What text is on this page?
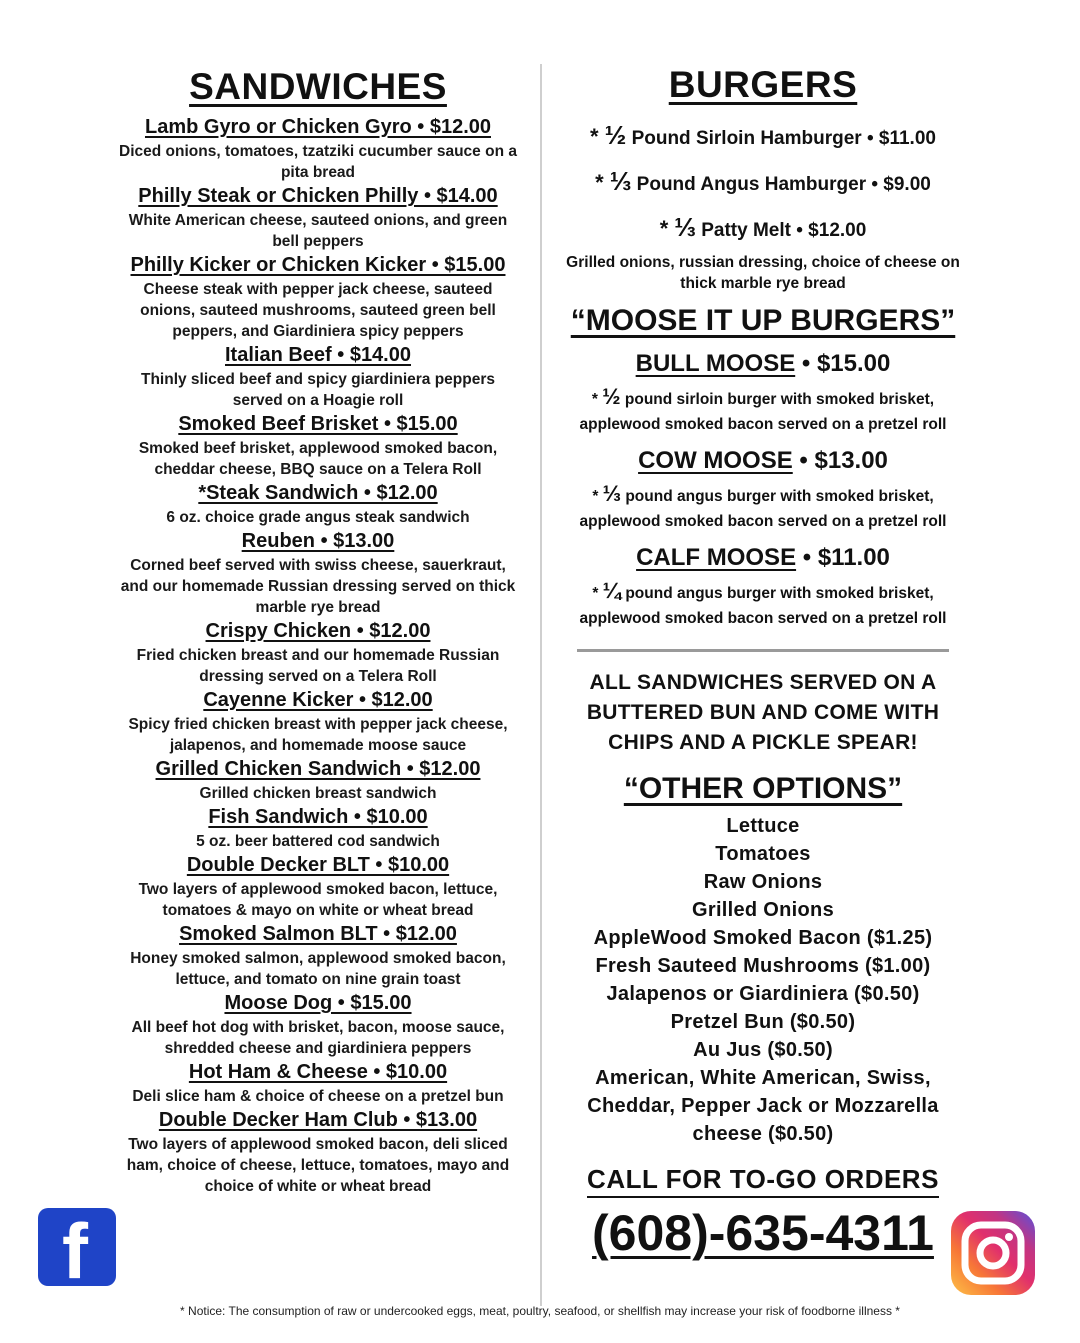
SANDWICHES
Lamb Gyro or Chicken Gyro • $12.00
Diced onions, tomatoes, tzatziki cucumber sauce on a pita bread
Philly Steak or Chicken Philly • $14.00
White American cheese, sauteed onions, and green bell peppers
Philly Kicker or Chicken Kicker • $15.00
Cheese steak with pepper jack cheese, sauteed onions, sauteed mushrooms, sauteed green bell peppers, and Giardiniera spicy peppers
Italian Beef • $14.00
Thinly sliced beef and spicy giardiniera peppers served on a Hoagie roll
Smoked Beef Brisket • $15.00
Smoked beef brisket, applewood smoked bacon, cheddar cheese, BBQ sauce on a Telera Roll
*Steak Sandwich • $12.00
6 oz. choice grade angus steak sandwich
Reuben • $13.00
Corned beef served with swiss cheese, sauerkraut, and our homemade Russian dressing served on thick marble rye bread
Crispy Chicken • $12.00
Fried chicken breast and our homemade Russian dressing served on a Telera Roll
Cayenne Kicker • $12.00
Spicy fried chicken breast with pepper jack cheese, jalapenos, and homemade moose sauce
Grilled Chicken Sandwich • $12.00
Grilled chicken breast sandwich
Fish Sandwich • $10.00
5 oz. beer battered cod sandwich
Double Decker BLT • $10.00
Two layers of applewood smoked bacon, lettuce, tomatoes & mayo on white or wheat bread
Smoked Salmon BLT • $12.00
Honey smoked salmon, applewood smoked bacon, lettuce, and tomato on nine grain toast
Moose Dog • $15.00
All beef hot dog with brisket, bacon, moose sauce, shredded cheese and giardiniera peppers
Hot Ham & Cheese • $10.00
Deli slice ham & choice of cheese on a pretzel bun
Double Decker Ham Club • $13.00
Two layers of applewood smoked bacon, deli sliced ham, choice of cheese, lettuce, tomatoes, mayo and choice of white or wheat bread
BURGERS
* ½ Pound Sirloin Hamburger • $11.00
* ⅓ Pound Angus Hamburger • $9.00
* ⅓ Patty Melt • $12.00
Grilled onions, russian dressing, choice of cheese on thick marble rye bread
“MOOSE IT UP BURGERS”
BULL MOOSE • $15.00
* ½ pound sirloin burger with smoked brisket,
applewood smoked bacon served on a pretzel roll
COW MOOSE • $13.00
* ⅓ pound angus burger with smoked brisket,
applewood smoked bacon served on a pretzel roll
CALF MOOSE • $11.00
* ¼ pound angus burger with smoked brisket,
applewood smoked bacon served on a pretzel roll
ALL SANDWICHES SERVED ON A BUTTERED BUN AND COME WITH CHIPS AND A PICKLE SPEAR!
“OTHER OPTIONS”
Lettuce
Tomatoes
Raw Onions
Grilled Onions
AppleWood Smoked Bacon ($1.25)
Fresh Sauteed Mushrooms ($1.00)
Jalapenos or Giardiniera ($0.50)
Pretzel Bun ($0.50)
Au Jus ($0.50)
American, White American, Swiss, Cheddar, Pepper Jack or Mozzarella cheese ($0.50)
CALL FOR TO-GO ORDERS
(608)-635-4311
f
* Notice: The consumption of raw or undercooked eggs, meat, poultry, seafood, or shellfish may increase your risk of foodborne illness *
